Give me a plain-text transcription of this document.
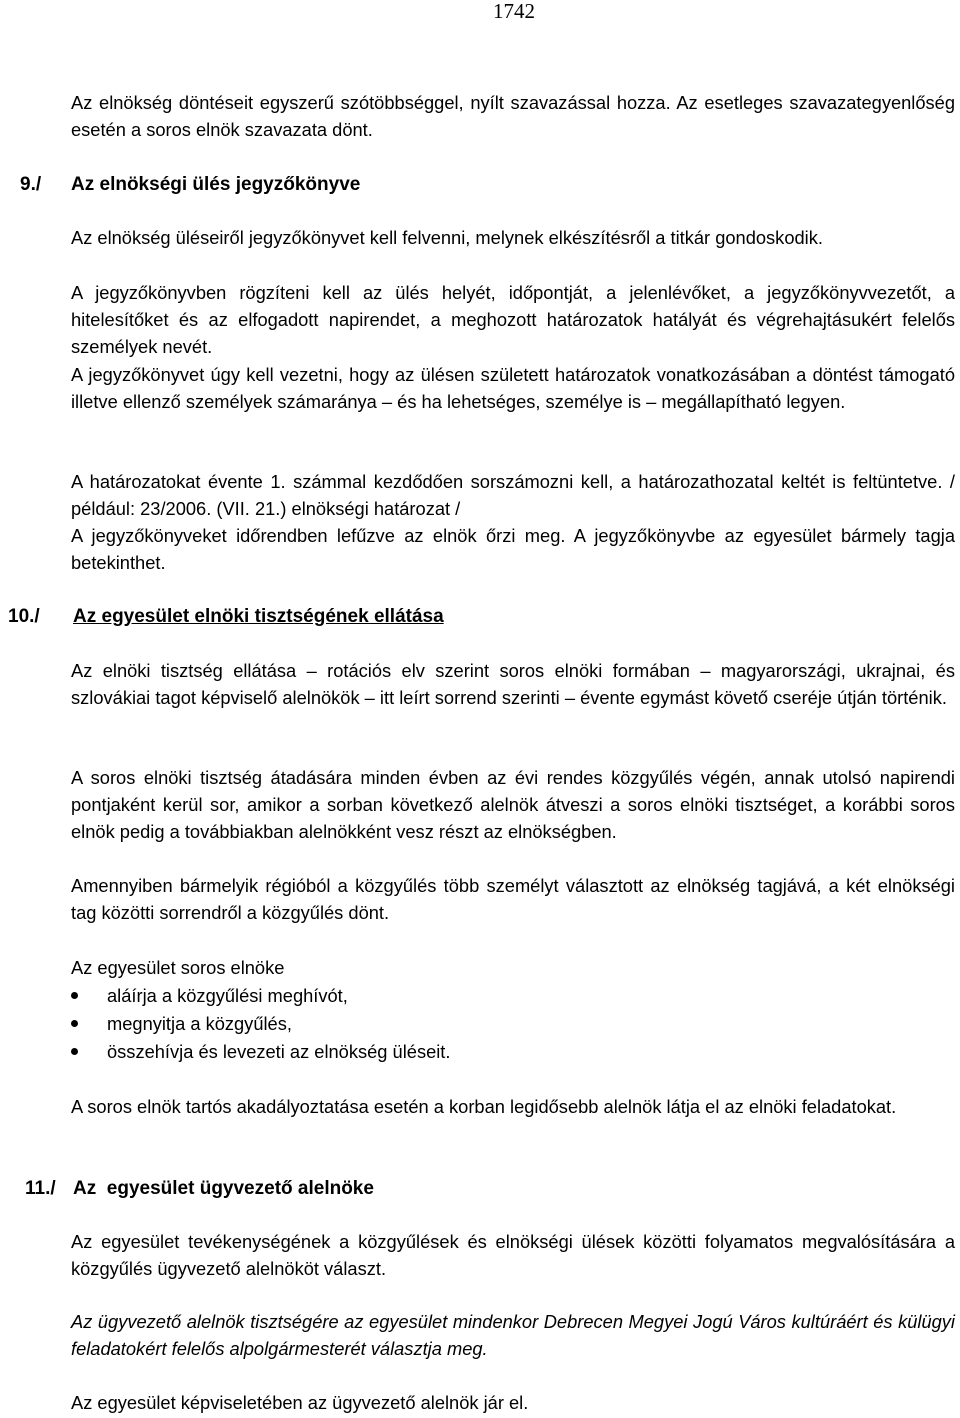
1742

Az elnökség döntéseit egyszerű szótöbbséggel, nyílt szavazással hozza. Az esetleges szavazategyenlőség esetén a soros elnök szavazata dönt.

9./ Az elnökségi ülés jegyzőkönyve

Az elnökség üléseiről jegyzőkönyvet kell felvenni, melynek elkészítésről a titkár gondoskodik.

A jegyzőkönyvben rögzíteni kell az ülés helyét, időpontját, a jelenlévőket, a jegyzőkönyvvezetőt, a hitelesítőket és az elfogadott napirendet, a meghozott határozatok hatályát és végrehajtásukért felelős személyek nevét.

A jegyzőkönyvet úgy kell vezetni, hogy az ülésen született határozatok vonatkozásában a döntést támogató illetve ellenző személyek számaránya – és ha lehetséges, személye is – megállapítható legyen.

A határozatokat évente 1. számmal kezdődően sorszámozni kell, a határozathozatal keltét is feltüntetve. / például: 23/2006. (VII. 21.) elnökségi határozat /

A jegyzőkönyveket időrendben lefűzve az elnök őrzi meg. A jegyzőkönyvbe az egyesület bármely tagja betekinthet.

10./ Az egyesület elnöki tisztségének ellátása

Az elnöki tisztség ellátása – rotációs elv szerint soros elnöki formában – magyarországi, ukrajnai, és szlovákiai tagot képviselő alelnökök – itt leírt sorrend szerinti – évente egymást követő cseréje útján történik.

A soros elnöki tisztség átadására minden évben az évi rendes közgyűlés végén, annak utolsó napirendi pontjaként kerül sor, amikor a sorban következő alelnök átveszi a soros elnöki tisztséget, a korábbi soros elnök pedig a továbbiakban alelnökként vesz részt az elnökségben.

Amennyiben bármelyik régióból a közgyűlés több személyt választott az elnökség tagjává, a két elnökségi tag közötti sorrendről a közgyűlés dönt.

Az egyesület soros elnöke

aláírja a közgyűlési meghívót,
megnyitja a közgyűlés,
összehívja és levezeti az elnökség üléseit.

A soros elnök tartós akadályoztatása esetén a korban legidősebb alelnök látja el az elnöki feladatokat.

11./ Az  egyesület ügyvezető alelnöke

Az egyesület tevékenységének a közgyűlések és elnökségi ülések közötti folyamatos megvalósítására a közgyűlés ügyvezető alelnököt választ.

Az ügyvezető alelnök tisztségére az egyesület mindenkor Debrecen Megyei Jogú Város kultúráért és külügyi feladatokért felelős alpolgármesterét választja meg.

Az egyesület képviseletében az ügyvezető alelnök jár el.
